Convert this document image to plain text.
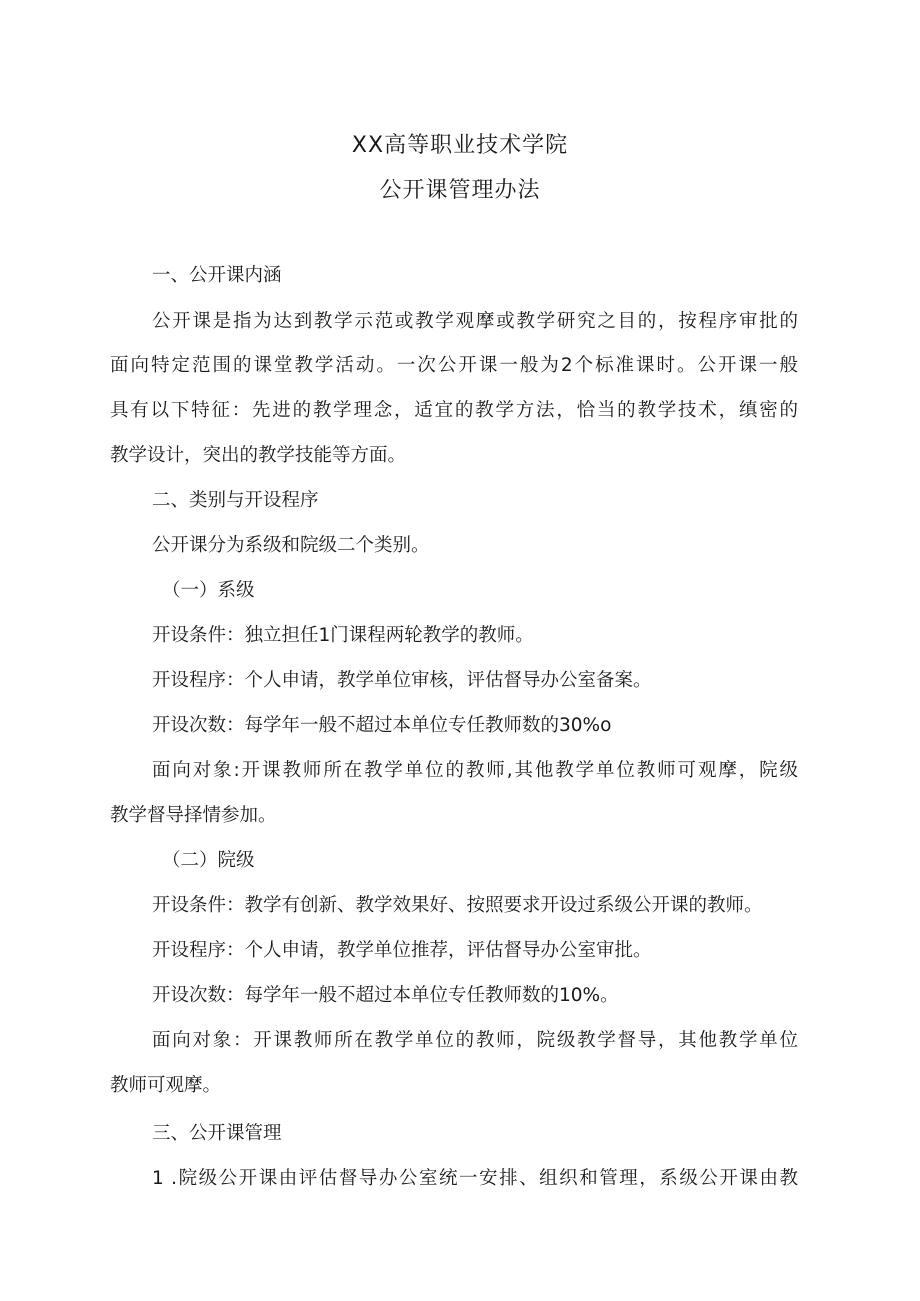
XX高等职业技术学院
公开课管理办法
一、公开课内涵
公开课是指为达到教学示范或教学观摩或教学研究之目的，按程序审批的
面向特定范围的课堂教学活动。一次公开课一般为2个标准课时。公开课一般
具有以下特征：先进的教学理念，适宜的教学方法，恰当的教学技术，缜密的
教学设计，突出的教学技能等方面。
二、类别与开设程序
公开课分为系级和院级二个类别。
（一）系级
开设条件：独立担任1门课程两轮教学的教师。
开设程序：个人申请，教学单位审核，评估督导办公室备案。
开设次数：每学年一般不超过本单位专任教师数的30%o
面向对象:开课教师所在教学单位的教师,其他教学单位教师可观摩，院级
教学督导择情参加。
（二）院级
开设条件：教学有创新、教学效果好、按照要求开设过系级公开课的教师。
开设程序：个人申请，教学单位推荐，评估督导办公室审批。
开设次数：每学年一般不超过本单位专任教师数的10%。
面向对象：开课教师所在教学单位的教师，院级教学督导，其他教学单位
教师可观摩。
三、公开课管理
1 .院级公开课由评估督导办公室统一安排、组织和管理，系级公开课由教
